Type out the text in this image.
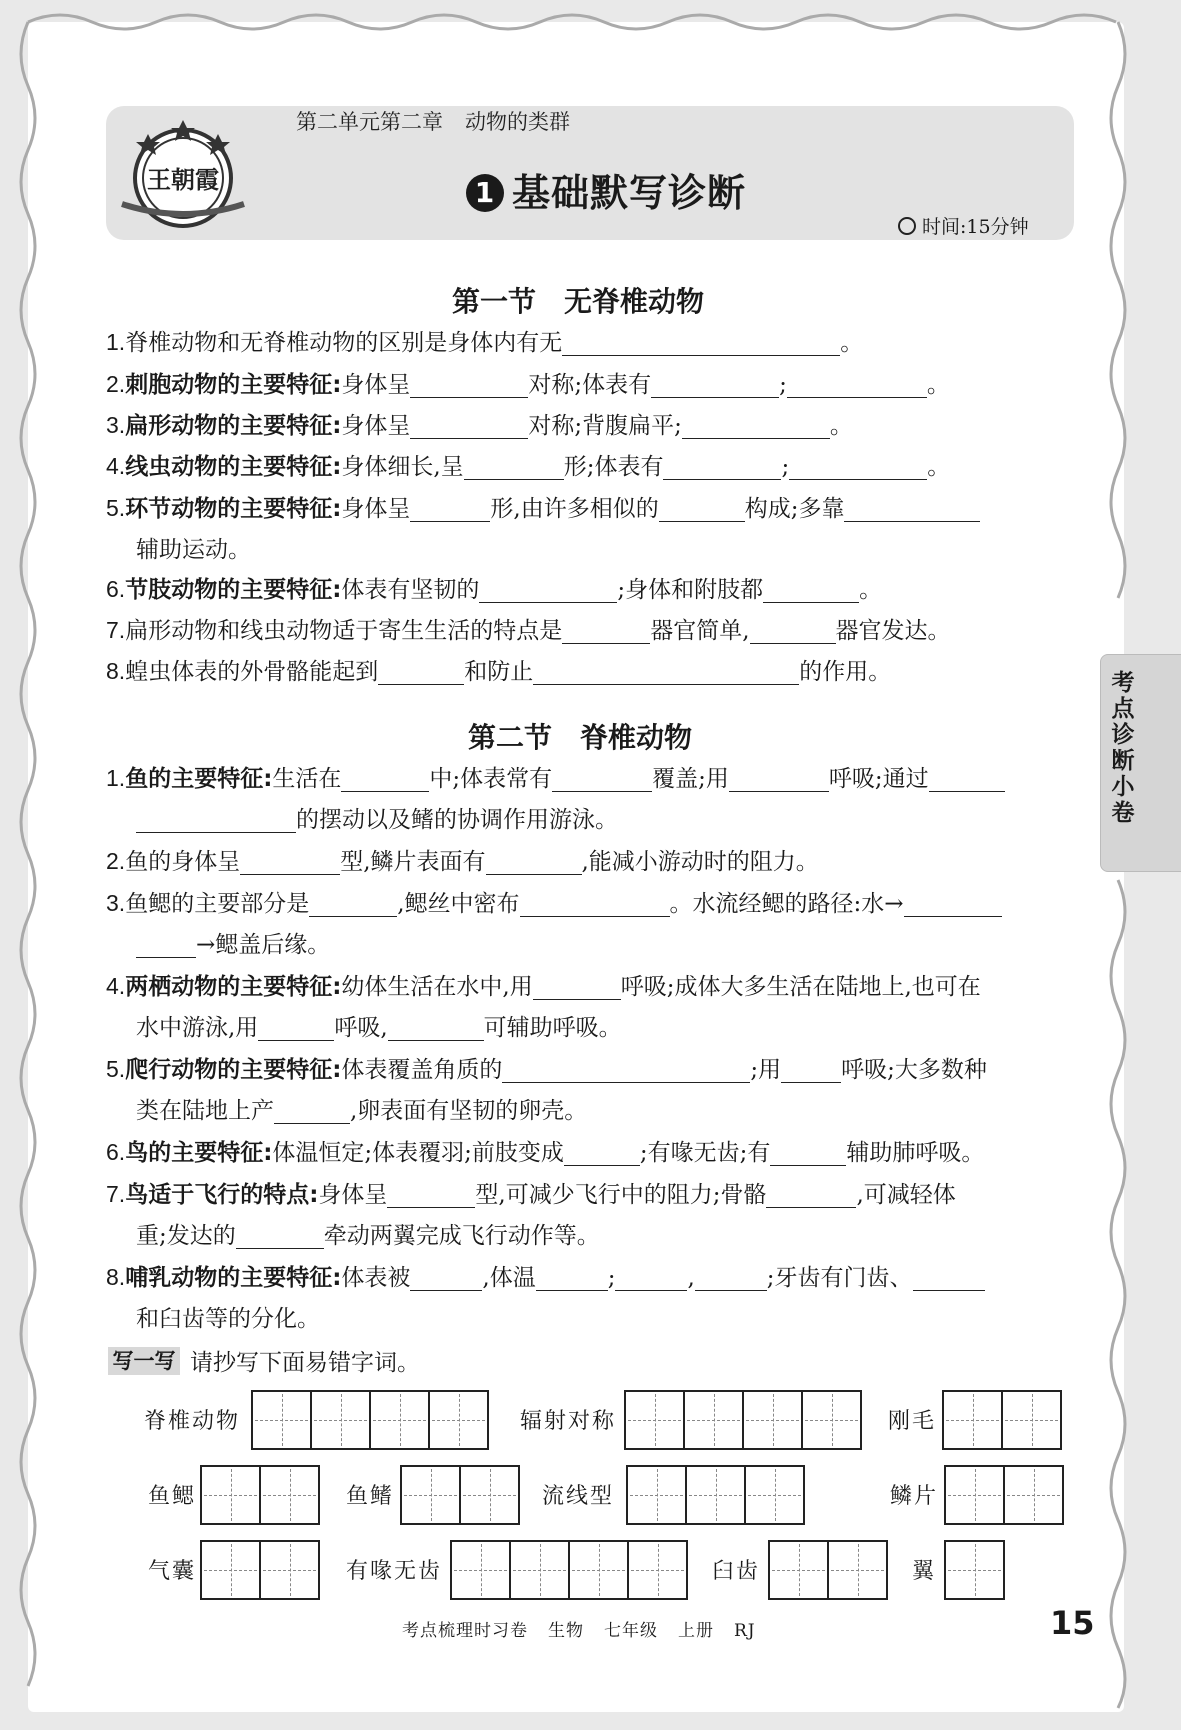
王朝霞
第二单元第二章 动物的类群
1 基础默写诊断
时间:15分钟
第一节　无脊椎动物
1.脊椎动物和无脊椎动物的区别是身体内有无	。
2.刺胞动物的主要特征:身体呈	对称;体表有	;	。
3.扁形动物的主要特征:身体呈	对称;背腹扁平;	。
4.线虫动物的主要特征:身体细长,呈	形;体表有	;	。
5.环节动物的主要特征:身体呈	形,由许多相似的	构成;多靠
辅助运动。
6.节肢动物的主要特征:体表有坚韧的	;身体和附肢都	。
7.扁形动物和线虫动物适于寄生生活的特点是	器官简单,	器官发达。
8.蝗虫体表的外骨骼能起到	和防止	的作用。
第二节　脊椎动物
1.鱼的主要特征:生活在	中;体表常有	覆盖;用	呼吸;通过
的摆动以及鳍的协调作用游泳。
2.鱼的身体呈	型,鳞片表面有	,能减小游动时的阻力。
3.鱼鳃的主要部分是	,鳃丝中密布	。水流经鳃的路径:水→
→鳃盖后缘。
4.两栖动物的主要特征:幼体生活在水中,用	呼吸;成体大多生活在陆地上,也可在
水中游泳,用	呼吸,	可辅助呼吸。
5.爬行动物的主要特征:体表覆盖角质的	;用	呼吸;大多数种
类在陆地上产	,卵表面有坚韧的卵壳。
6.鸟的主要特征:体温恒定;体表覆羽;前肢变成	;有喙无齿;有	辅助肺呼吸。
7.鸟适于飞行的特点:身体呈	型,可减少飞行中的阻力;骨骼	,可减轻体
重;发达的	牵动两翼完成飞行动作等。
8.哺乳动物的主要特征:体表被	,体温	;	,	;牙齿有门齿、
和臼齿等的分化。
考点诊断小卷
写一写 请抄写下面易错字词。
脊椎动物	辐射对称	刚毛
鱼鳃	鱼鳍	流线型	鳞片
气囊	有喙无齿	臼齿	翼
考点梳理时习卷 生物 七年级 上册 RJ	15
